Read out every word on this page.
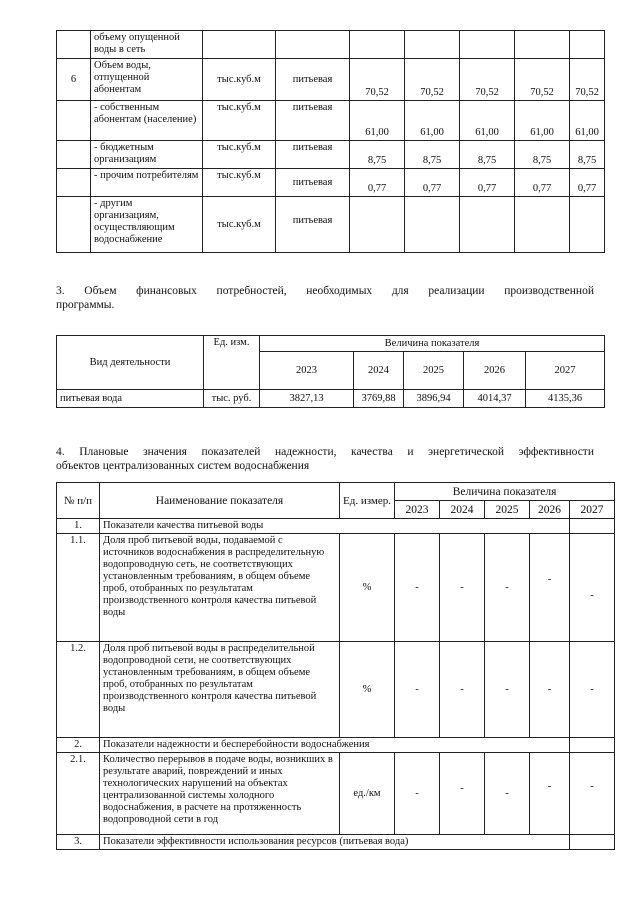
	объему опущенной воды в сеть							
6	Объем воды, отпущенной абонентам	тыс.куб.м	питьевая	70,52	70,52	70,52	70,52	70,52
	- собственным абонентам (население)	тыс.куб.м	питьевая	61,00	61,00	61,00	61,00	61,00
	- бюджетным организациям	тыс.куб.м	питьевая	8,75	8,75	8,75	8,75	8,75
	- прочим потребителям	тыс.куб.м	питьевая	0,77	0,77	0,77	0,77	0,77
	- другим организациям, осуществляющим водоснабжение	тыс.куб.м	питьевая					
3. Объем финансовых потребностей, необходимых для реализации производственной
программы.
Вид деятельности	Ед. изм.	Величина показателя				
		2023	2024	2025	2026	2027
питьевая вода	тыс. руб.	3827,13	3769,88	3896,94	4014,37	4135,36
4. Плановые значения показателей надежности, качества и энергетической эффективности
объектов централизованных систем водоснабжения
№ п/п	Наименование показателя	Ед. измер.	Величина показателя				
			2023	2024	2025	2026	2027
1.	Показатели качества питьевой воды						
1.1.	Доля проб питьевой воды, подаваемой с источников водоснабжения в распределительную водопроводную сеть, не соответствующих установленным требованиям, в общем объеме проб, отобранных по результатам производственного контроля качества питьевой воды	%	-	-	-	-	-
1.2.	Доля проб питьевой воды в распределительной водопроводной сети, не соответствующих установленным требованиям, в общем объеме проб, отобранных по результатам производственного контроля качества питьевой воды	%	-	-	-	-	-
2.	Показатели надежности и бесперебойности водоснабжения						
2.1.	Количество перерывов в подаче воды, возникших в результате аварий, повреждений и иных технологических нарушений на объектах централизованной системы холодного водоснабжения, в расчете на протяженность водопроводной сети в год	ед./км	-	-	-	-	-
3.	Показатели эффективности использования ресурсов (питьевая вода)						
